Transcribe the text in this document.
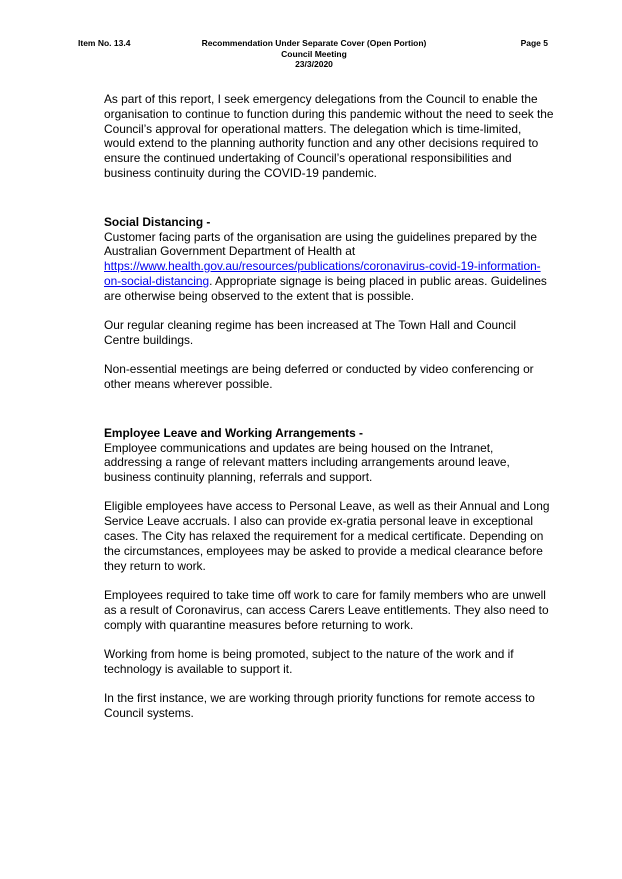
Item No. 13.4	Recommendation Under Separate Cover (Open Portion)
Council Meeting
23/3/2020
Page 5

As part of this report, I seek emergency delegations from the Council to enable the organisation to continue to function during this pandemic without the need to seek the Council’s approval for operational matters. The delegation which is time-limited, would extend to the planning authority function and any other decisions required to ensure the continued undertaking of Council’s operational responsibilities and business continuity during the COVID-19 pandemic.

Social Distancing -
Customer facing parts of the organisation are using the guidelines prepared by the Australian Government Department of Health at https://www.health.gov.au/resources/publications/coronavirus-covid-19-information-on-social-distancing. Appropriate signage is being placed in public areas. Guidelines are otherwise being observed to the extent that is possible.

Our regular cleaning regime has been increased at The Town Hall and Council Centre buildings.

Non-essential meetings are being deferred or conducted by video conferencing or other means wherever possible.

Employee Leave and Working Arrangements -
Employee communications and updates are being housed on the Intranet, addressing a range of relevant matters including arrangements around leave, business continuity planning, referrals and support.

Eligible employees have access to Personal Leave, as well as their Annual and Long Service Leave accruals. I also can provide ex-gratia personal leave in exceptional cases. The City has relaxed the requirement for a medical certificate. Depending on the circumstances, employees may be asked to provide a medical clearance before they return to work.

Employees required to take time off work to care for family members who are unwell as a result of Coronavirus, can access Carers Leave entitlements. They also need to comply with quarantine measures before returning to work.

Working from home is being promoted, subject to the nature of the work and if technology is available to support it.

In the first instance, we are working through priority functions for remote access to Council systems.
